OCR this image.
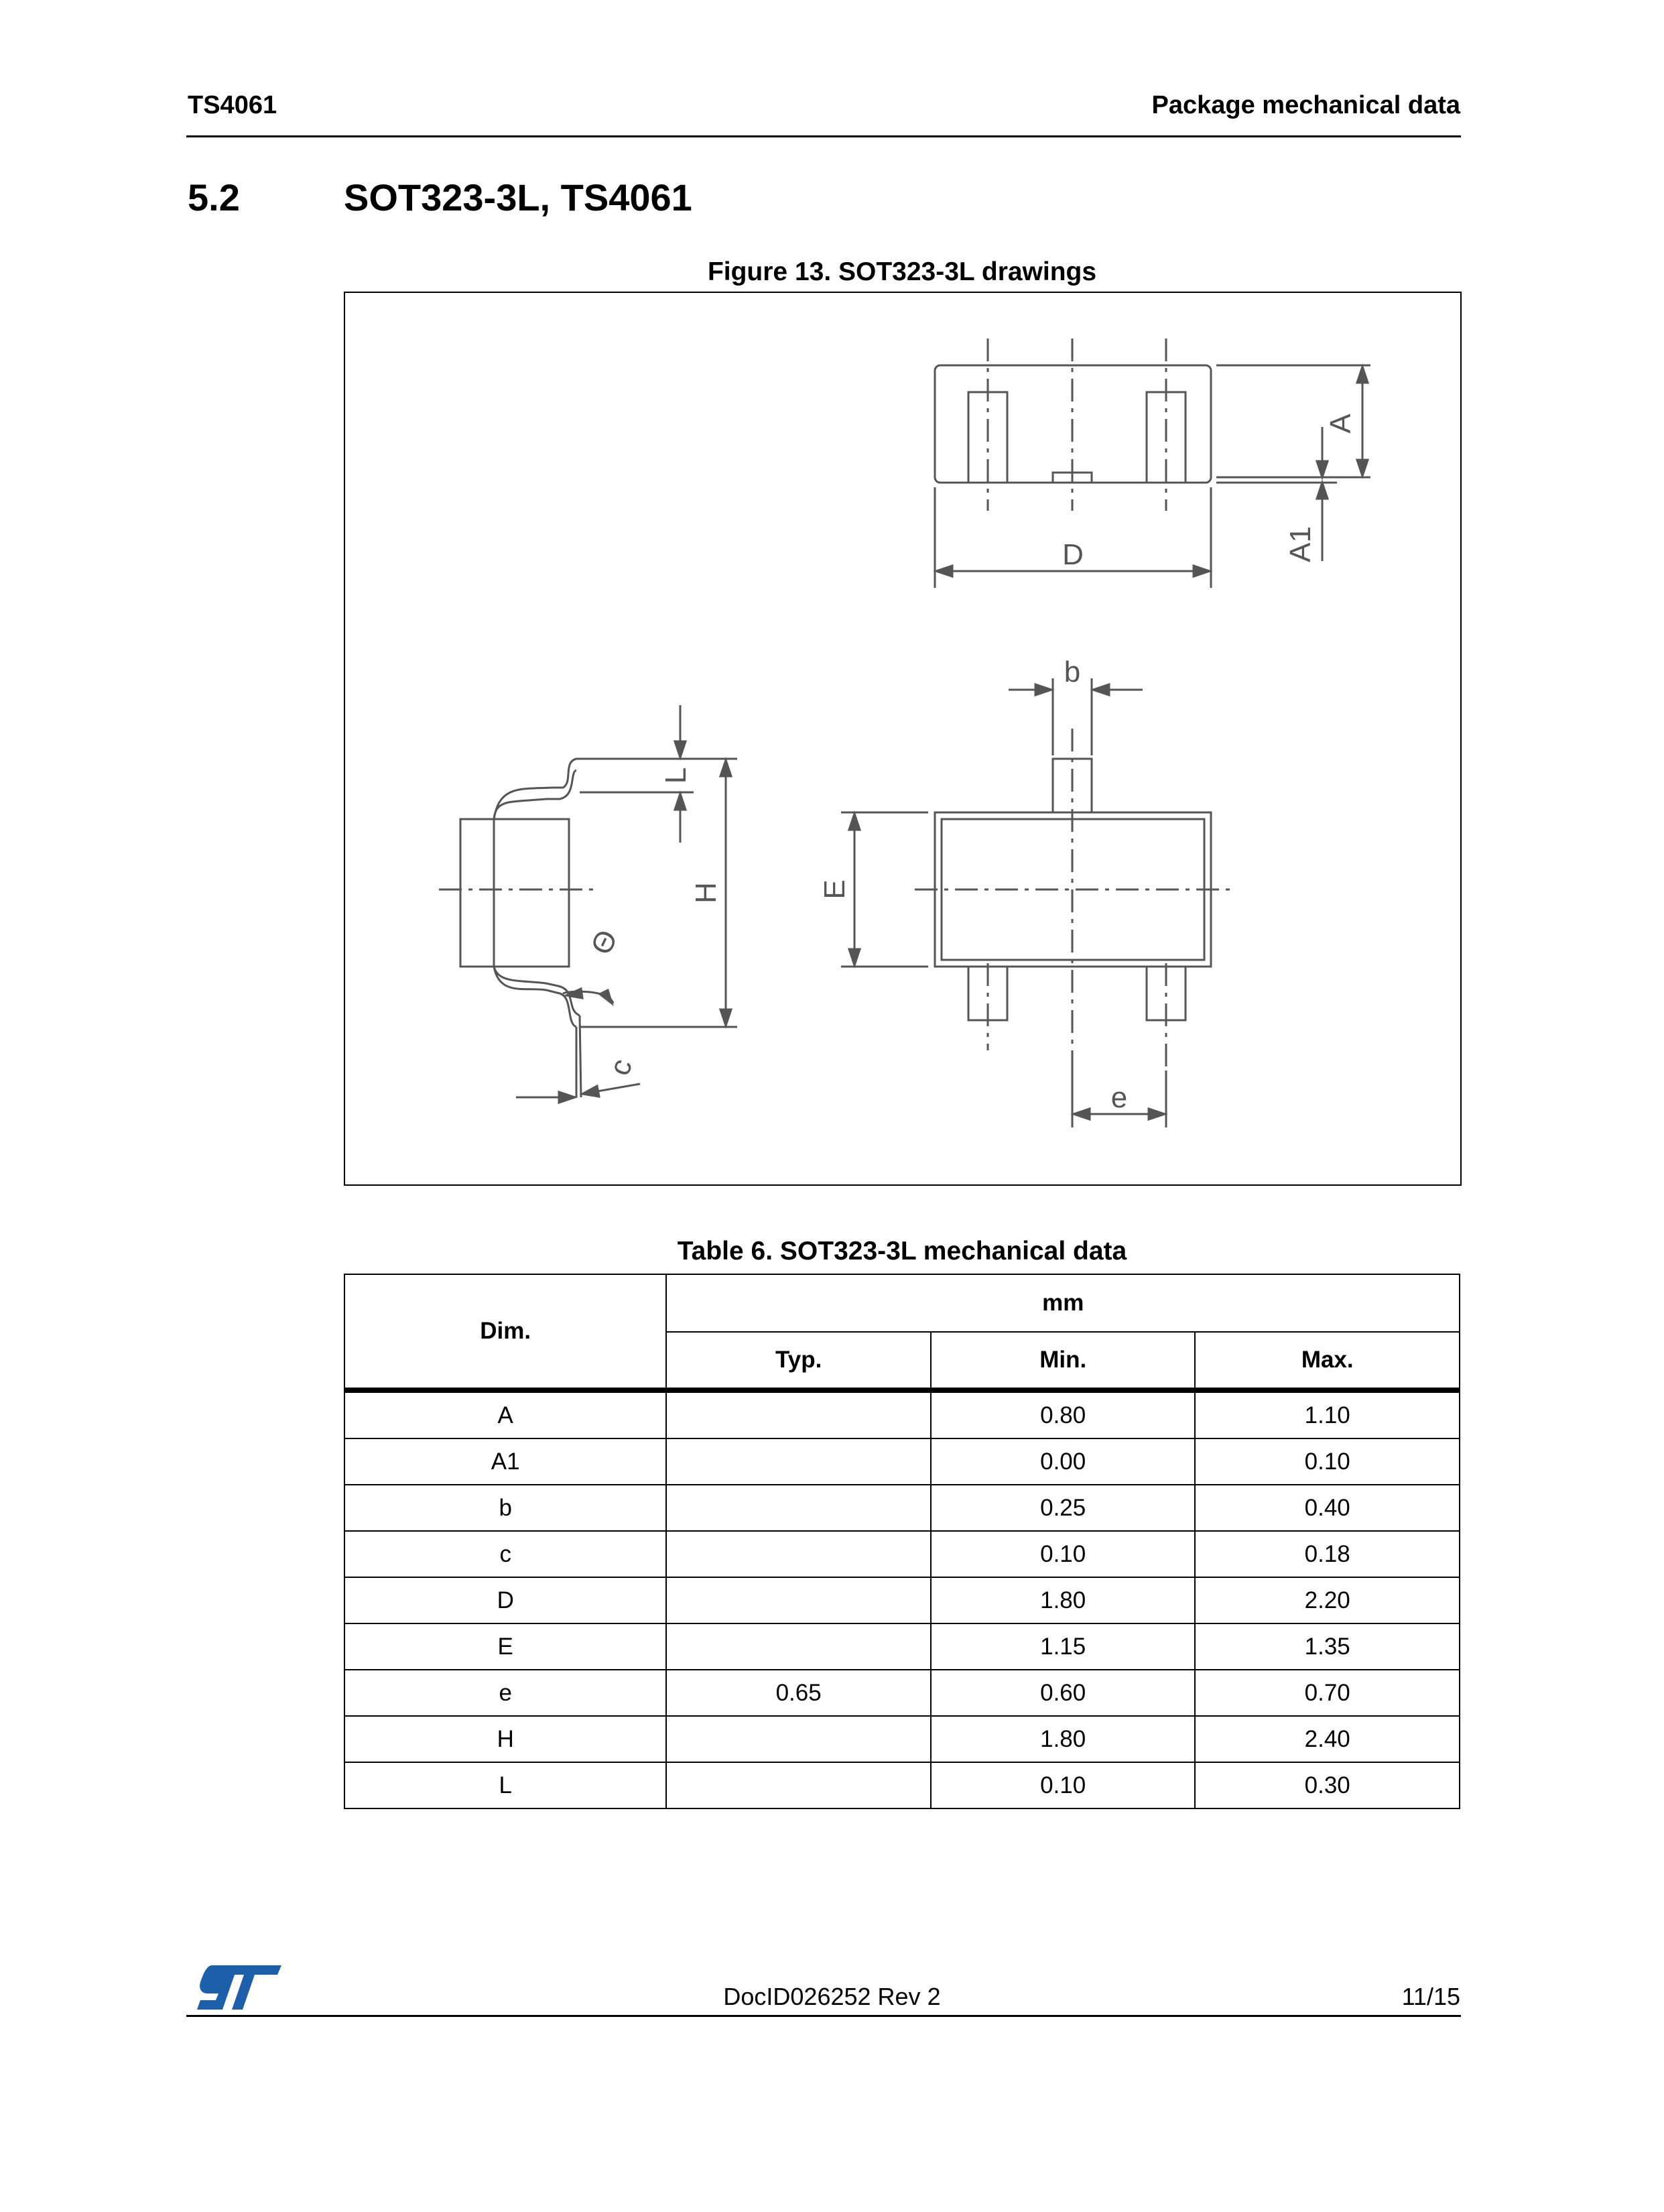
TS4061	Package mechanical data
5.2	SOT323-3L, TS4061
Figure 13. SOT323-3L drawings
D
A
A1
b
E
e
H
L
Θ
c
Table 6. SOT323-3L mechanical data
Dim.	mm		
	Typ.	Min.	Max.
A		0.80	1.10
A1		0.00	0.10
b		0.25	0.40
c		0.10	0.18
D		1.80	2.20
E		1.15	1.35
e	0.65	0.60	0.70
H		1.80	2.40
L		0.10	0.30
DocID026252 Rev 2	11/15
